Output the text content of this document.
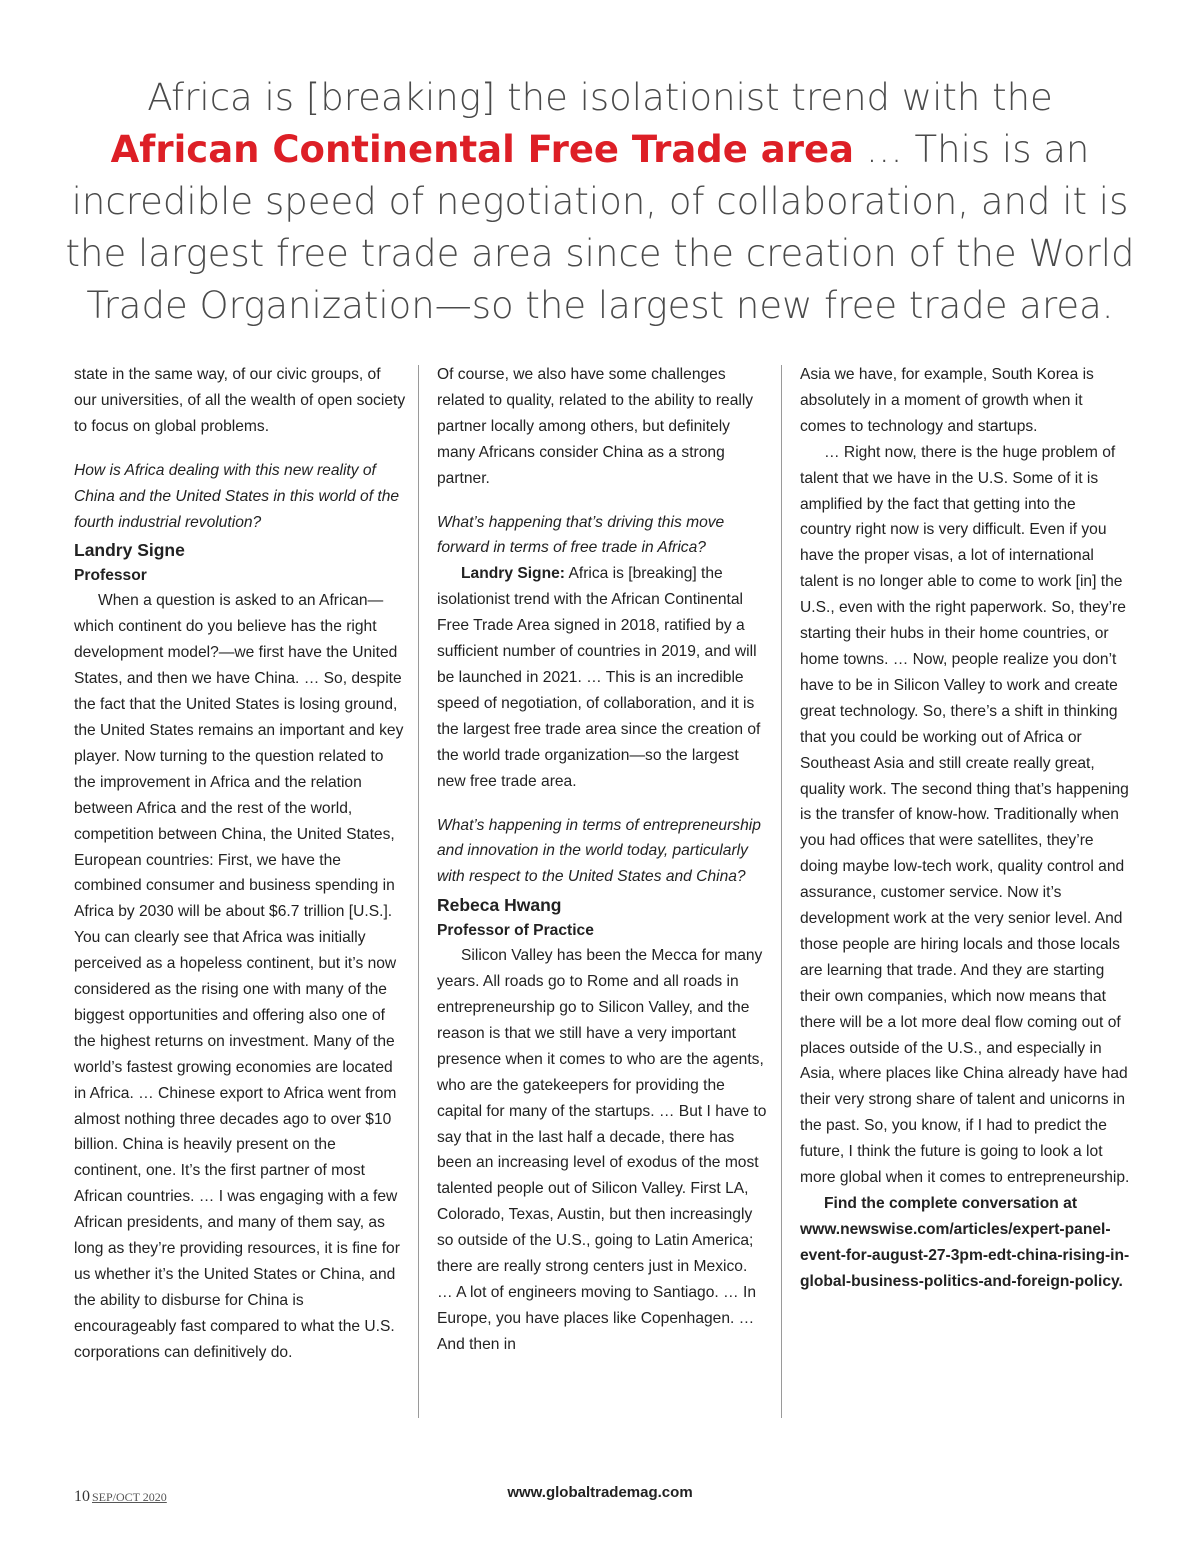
Africa is [breaking] the isolationist trend with the
African Continental Free Trade area … This is an incredible speed of negotiation, of collaboration, and it is the largest free trade area since the creation of the World Trade Organization—so the largest new free trade area.

state in the same way, of our civic groups, of our universities, of all the wealth of open society to focus on global problems.

How is Africa dealing with this new reality of China and the United States in this world of the fourth industrial revolution?

Landry Signe

Professor

When a question is asked to an African—which continent do you believe has the right development model?—we first have the United States, and then we have China. … So, despite the fact that the United States is losing ground, the United States remains an important and key player. Now turning to the question related to the improvement in Africa and the relation between Africa and the rest of the world, competition between China, the United States, European countries: First, we have the combined consumer and business spending in Africa by 2030 will be about $6.7 trillion [U.S.]. You can clearly see that Africa was initially perceived as a hopeless continent, but it’s now considered as the rising one with many of the biggest opportunities and offering also one of the highest returns on investment. Many of the world’s fastest growing economies are located in Africa. … Chinese export to Africa went from almost nothing three decades ago to over $10 billion. China is heavily present on the continent, one. It’s the first partner of most African countries. … I was engaging with a few African presidents, and many of them say, as long as they’re providing resources, it is fine for us whether it’s the United States or China, and the ability to disburse for China is encourageably fast compared to what the U.S. corporations can definitively do.

Of course, we also have some challenges related to quality, related to the ability to really partner locally among others, but definitely many Africans consider China as a strong partner.

What’s happening that’s driving this move forward in terms of free trade in Africa?

Landry Signe: Africa is [breaking] the isolationist trend with the African Continental Free Trade Area signed in 2018, ratified by a sufficient number of countries in 2019, and will be launched in 2021. … This is an incredible speed of negotiation, of collaboration, and it is the largest free trade area since the creation of the world trade organization—so the largest new free trade area.

What’s happening in terms of entrepreneurship and innovation in the world today, particularly with respect to the United States and China?

Rebeca Hwang

Professor of Practice

Silicon Valley has been the Mecca for many years. All roads go to Rome and all roads in entrepreneurship go to Silicon Valley, and the reason is that we still have a very important presence when it comes to who are the agents, who are the gatekeepers for providing the capital for many of the startups. … But I have to say that in the last half a decade, there has been an increasing level of exodus of the most talented people out of Silicon Valley. First LA, Colorado, Texas, Austin, but then increasingly so outside of the U.S., going to Latin America; there are really strong centers just in Mexico. … A lot of engineers moving to Santiago. … In Europe, you have places like Copenhagen. … And then in

Asia we have, for example, South Korea is absolutely in a moment of growth when it comes to technology and startups.

… Right now, there is the huge problem of talent that we have in the U.S. Some of it is amplified by the fact that getting into the country right now is very difficult. Even if you have the proper visas, a lot of international talent is no longer able to come to work [in] the U.S., even with the right paperwork. So, they’re starting their hubs in their home countries, or home towns. … Now, people realize you don’t have to be in Silicon Valley to work and create great technology. So, there’s a shift in thinking that you could be working out of Africa or Southeast Asia and still create really great, quality work. The second thing that’s happening is the transfer of know-how. Traditionally when you had offices that were satellites, they’re doing maybe low-tech work, quality control and assurance, customer service. Now it’s development work at the very senior level. And those people are hiring locals and those locals are learning that trade. And they are starting their own companies, which now means that there will be a lot more deal flow coming out of places outside of the U.S., and especially in Asia, where places like China already have had their very strong share of talent and unicorns in the past. So, you know, if I had to predict the future, I think the future is going to look a lot more global when it comes to entrepreneurship.

Find the complete conversation at www.newswise.com/articles/expert-panel-event-for-august-27-3pm-edt-china-rising-in-global-business-politics-and-foreign-policy.

10 SEP/OCT 2020	www.globaltrademag.com
